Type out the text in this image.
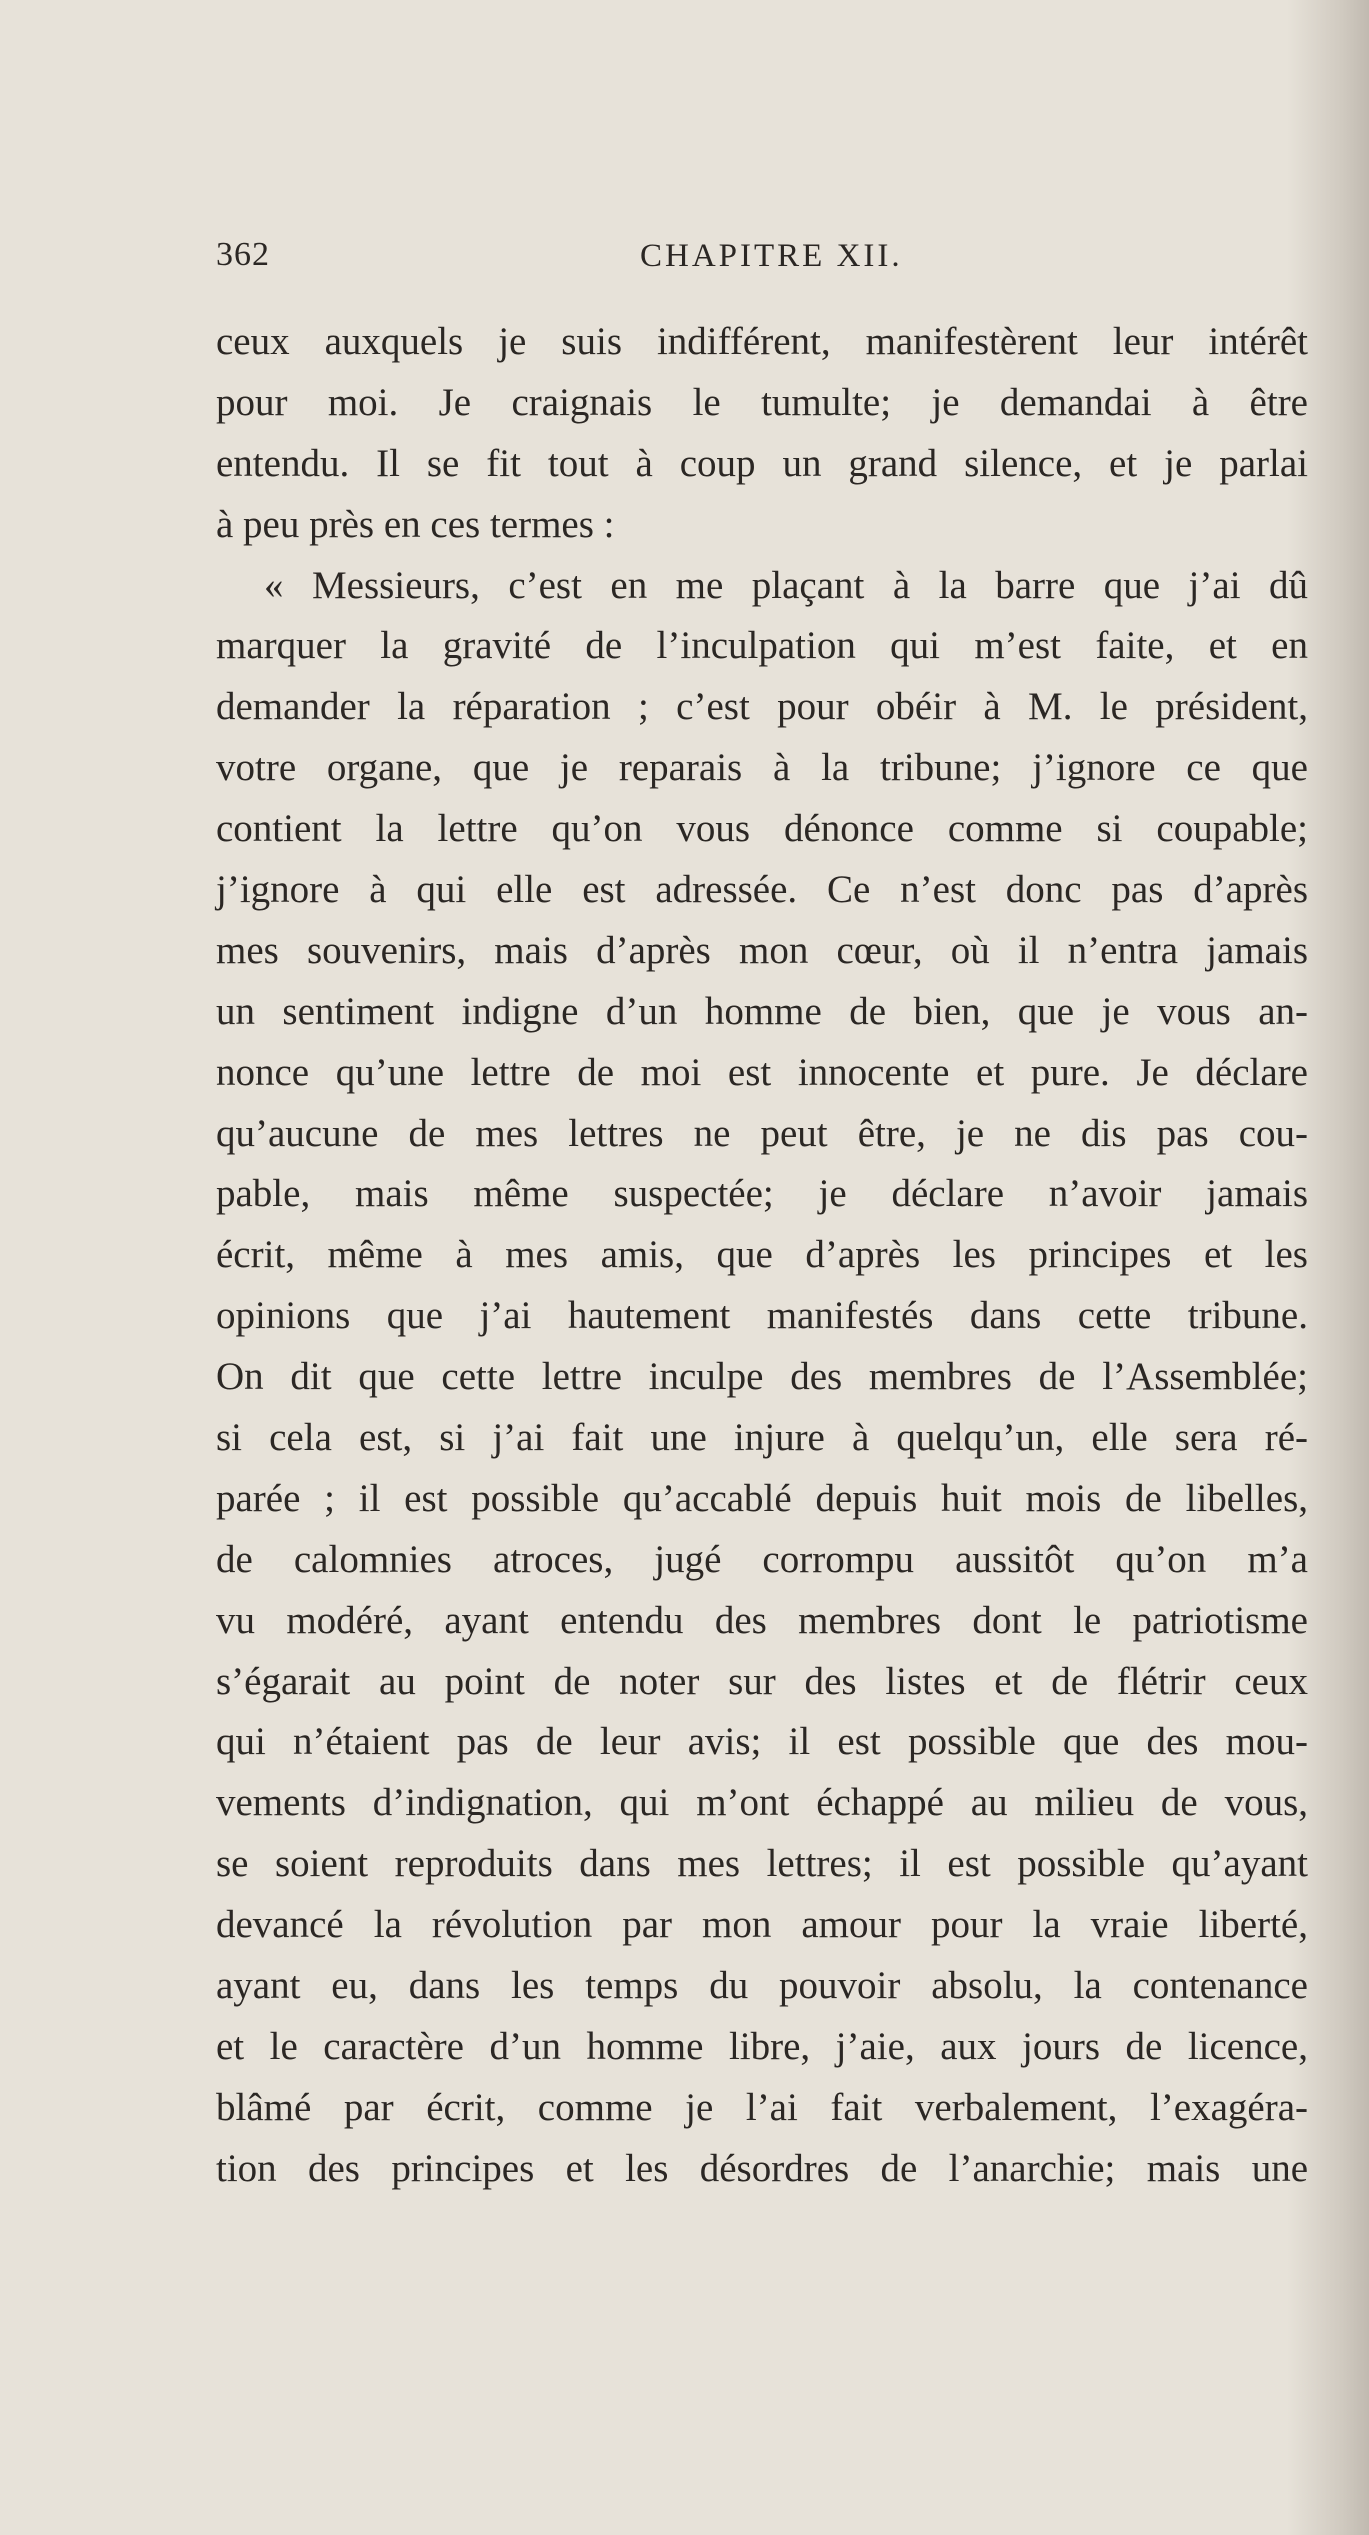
362	CHAPITRE XII.
ceux auxquels je suis indifférent, manifestèrent leur intérêt
pour moi. Je craignais le tumulte; je demandai à être
entendu. Il se fit tout à coup un grand silence, et je parlai
à peu près en ces termes :
« Messieurs, c’est en me plaçant à la barre que j’ai dû
marquer la gravité de l’inculpation qui m’est faite, et en
demander la réparation ; c’est pour obéir à M. le président,
votre organe, que je reparais à la tribune; j’ignore ce que
contient la lettre qu’on vous dénonce comme si coupable;
j’ignore à qui elle est adressée. Ce n’est donc pas d’après
mes souvenirs, mais d’après mon cœur, où il n’entra jamais
un sentiment indigne d’un homme de bien, que je vous an-
nonce qu’une lettre de moi est innocente et pure. Je déclare
qu’aucune de mes lettres ne peut être, je ne dis pas cou-
pable, mais même suspectée; je déclare n’avoir jamais
écrit, même à mes amis, que d’après les principes et les
opinions que j’ai hautement manifestés dans cette tribune.
On dit que cette lettre inculpe des membres de l’Assemblée;
si cela est, si j’ai fait une injure à quelqu’un, elle sera ré-
parée ; il est possible qu’accablé depuis huit mois de libelles,
de calomnies atroces, jugé corrompu aussitôt qu’on m’a
vu modéré, ayant entendu des membres dont le patriotisme
s’égarait au point de noter sur des listes et de flétrir ceux
qui n’étaient pas de leur avis; il est possible que des mou-
vements d’indignation, qui m’ont échappé au milieu de vous,
se soient reproduits dans mes lettres; il est possible qu’ayant
devancé la révolution par mon amour pour la vraie liberté,
ayant eu, dans les temps du pouvoir absolu, la contenance
et le caractère d’un homme libre, j’aie, aux jours de licence,
blâmé par écrit, comme je l’ai fait verbalement, l’exagéra-
tion des principes et les désordres de l’anarchie; mais une
